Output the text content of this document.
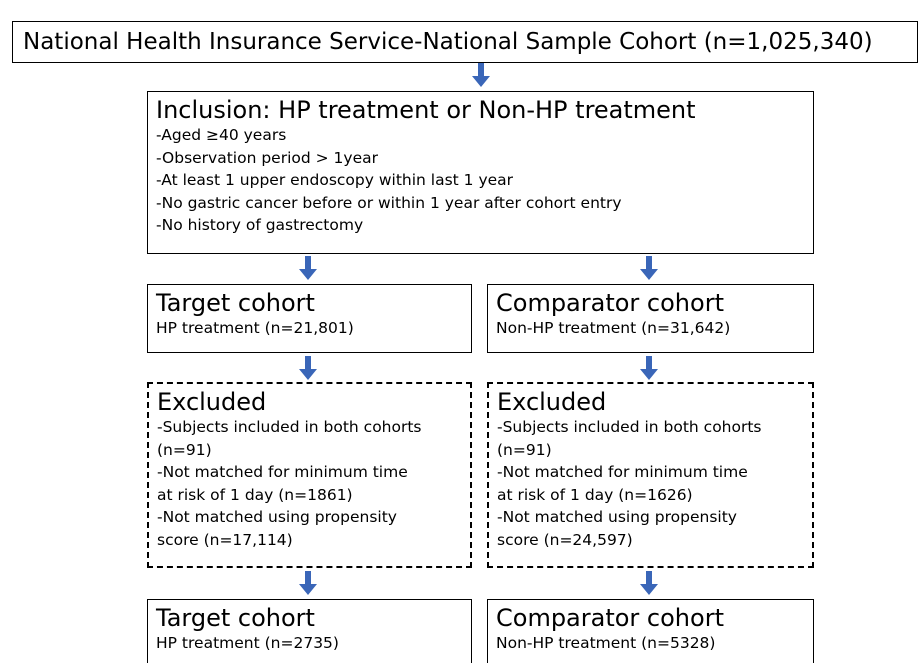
National Health Insurance Service-National Sample Cohort (n=1,025,340)
Inclusion: HP treatment or Non-HP treatment
-Aged ≥40 years
-Observation period > 1year
-At least 1 upper endoscopy within last 1 year
-No gastric cancer before or within 1 year after cohort entry
-No history of gastrectomy
Target cohort
HP treatment (n=21,801)
Comparator cohort
Non-HP treatment (n=31,642)
Excluded
-Subjects included in both cohorts
(n=91)
-Not matched for minimum time
at risk of 1 day (n=1861)
-Not matched using propensity
score (n=17,114)
Excluded
-Subjects included in both cohorts
(n=91)
-Not matched for minimum time
at risk of 1 day (n=1626)
-Not matched using propensity
score (n=24,597)
Target cohort
HP treatment (n=2735)
Comparator cohort
Non-HP treatment (n=5328)
